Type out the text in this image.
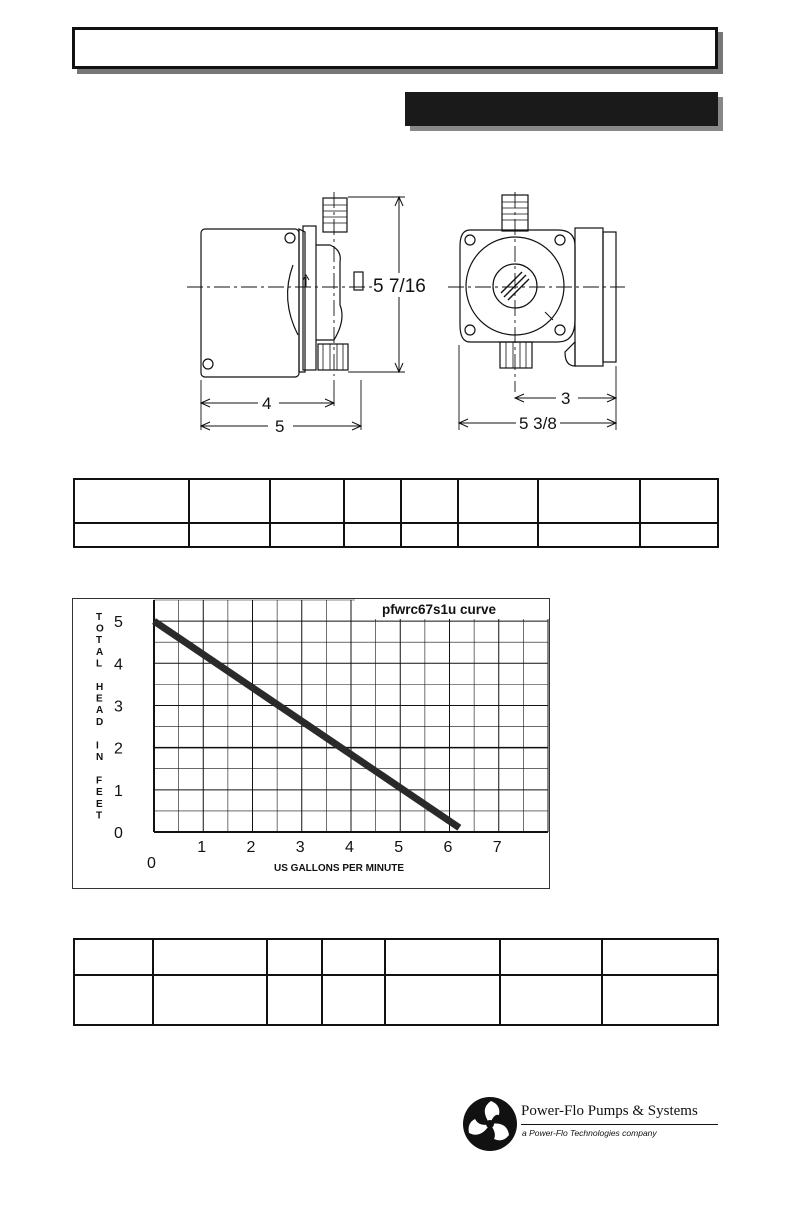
5 7/16
4
5
3
5 3/8

0
1	2	3	4	5	6	7
0
1
2
3
4
5
pfwrc67s1u curve
US GALLONS PER MINUTE
T O T A L H E A D I N F E E T

Power-Flo Pumps & Systems
a Power-Flo Technologies company
